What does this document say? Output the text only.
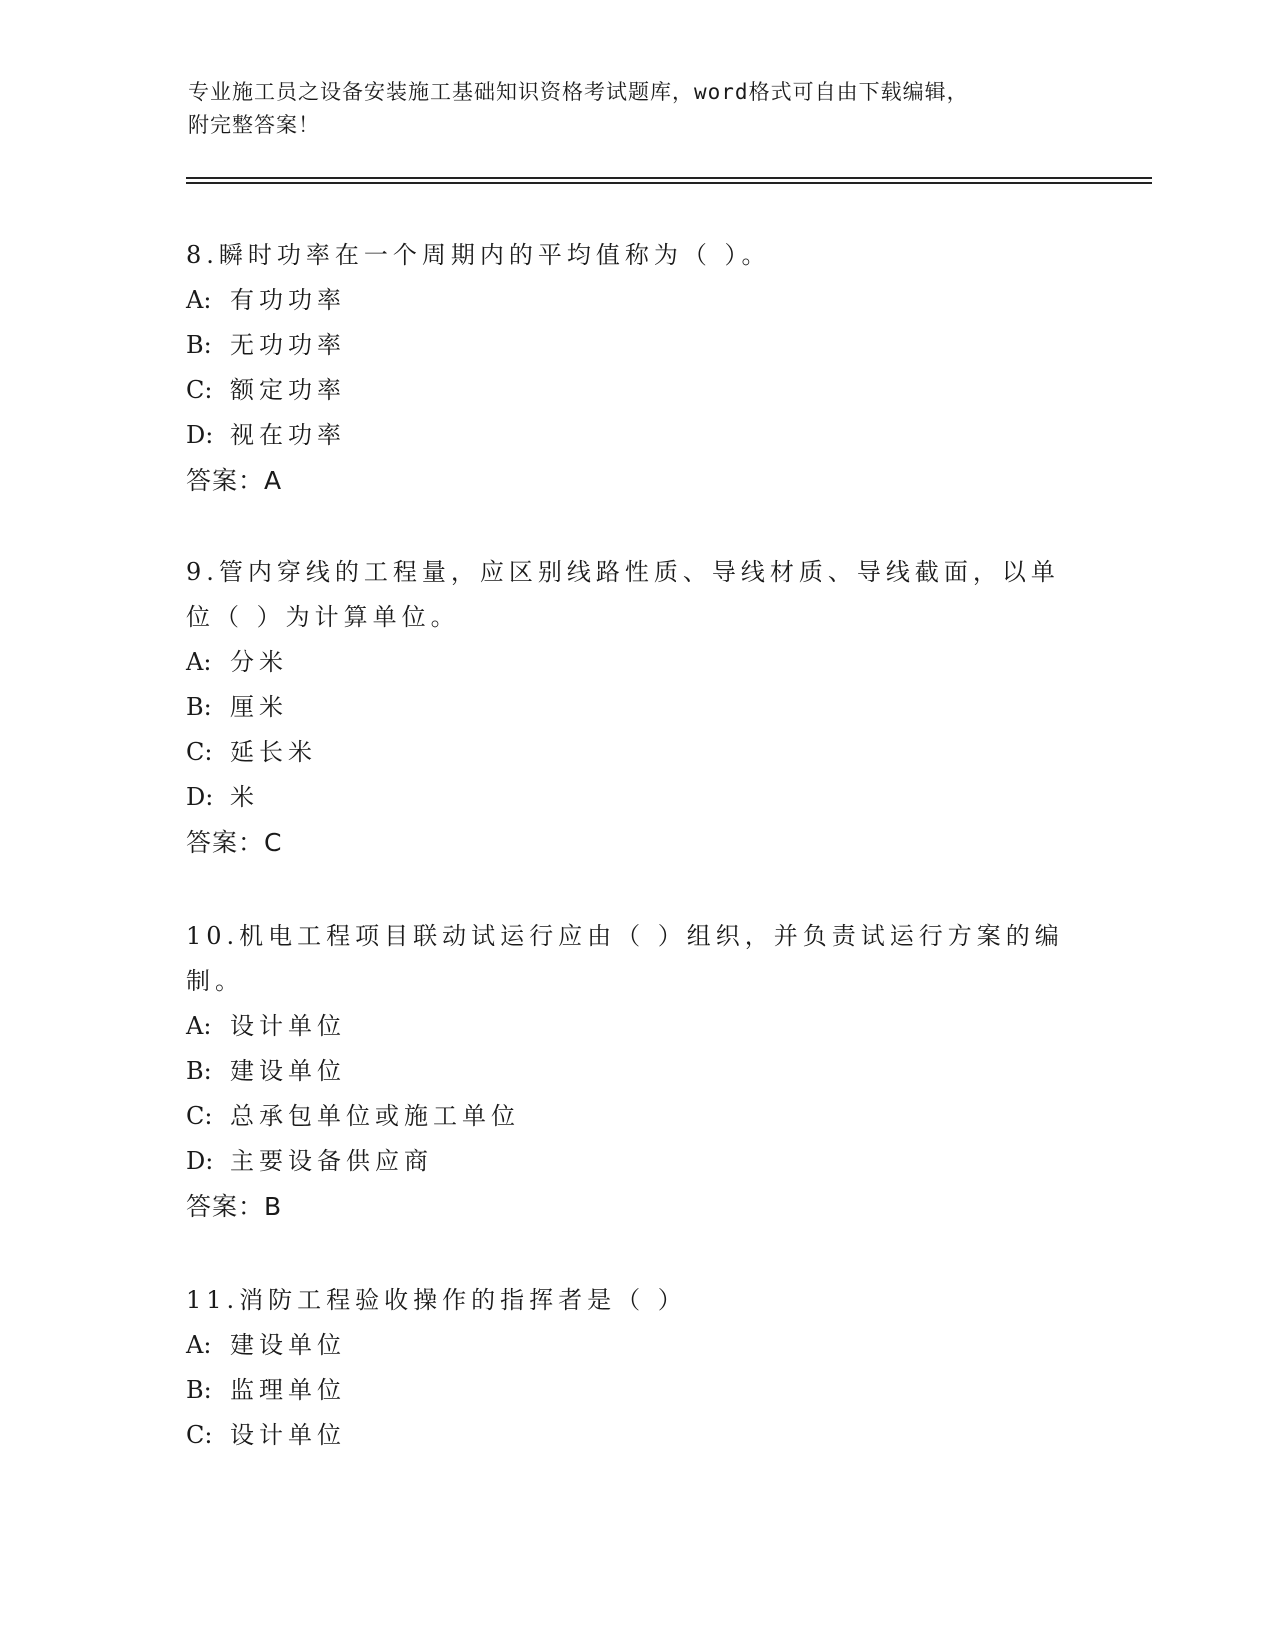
专业施工员之设备安装施工基础知识资格考试题库，word格式可自由下载编辑，
附完整答案！
8.瞬时功率在一个周期内的平均值称为（ ）。
A: 有功功率
B: 无功功率
C: 额定功率
D: 视在功率
答案：A
9.管内穿线的工程量，应区别线路性质、导线材质、导线截面，以单
位（ ）为计算单位。
A: 分米
B: 厘米
C: 延长米
D: 米
答案：C
10.机电工程项目联动试运行应由（ ）组织，并负责试运行方案的编
制。
A: 设计单位
B: 建设单位
C: 总承包单位或施工单位
D: 主要设备供应商
答案：B
11.消防工程验收操作的指挥者是（ ）
A: 建设单位
B: 监理单位
C: 设计单位
